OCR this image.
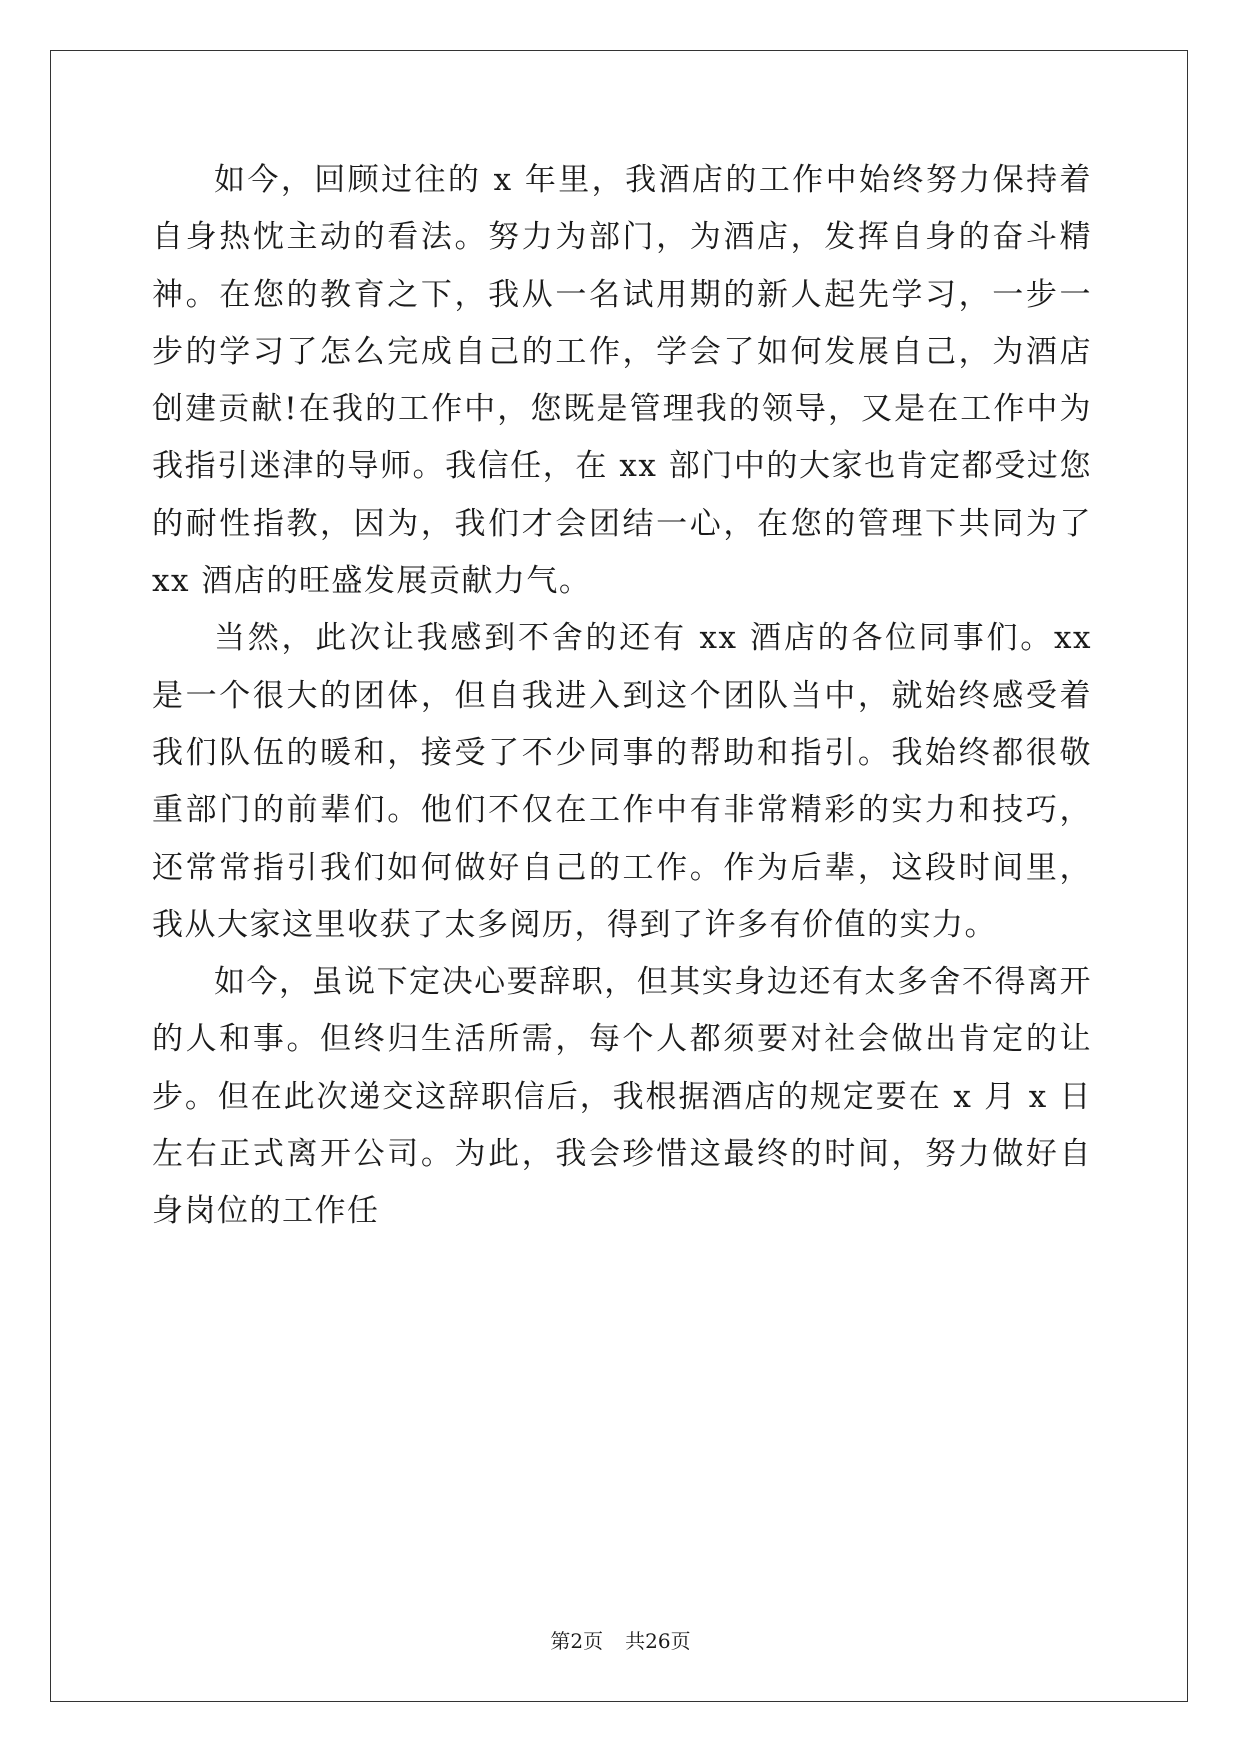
如今，回顾过往的 x 年里，我酒店的工作中始终努力保持着自身热忱主动的看法。努力为部门，为酒店，发挥自身的奋斗精神。在您的教育之下，我从一名试用期的新人起先学习，一步一步的学习了怎么完成自己的工作，学会了如何发展自己，为酒店创建贡献!在我的工作中，您既是管理我的领导，又是在工作中为我指引迷津的导师。我信任，在 xx 部门中的大家也肯定都受过您的耐性指教，因为，我们才会团结一心，在您的管理下共同为了 xx 酒店的旺盛发展贡献力气。

当然，此次让我感到不舍的还有 xx 酒店的各位同事们。xx 是一个很大的团体，但自我进入到这个团队当中，就始终感受着我们队伍的暖和，接受了不少同事的帮助和指引。我始终都很敬重部门的前辈们。他们不仅在工作中有非常精彩的实力和技巧，还常常指引我们如何做好自己的工作。作为后辈，这段时间里，我从大家这里收获了太多阅历，得到了许多有价值的实力。

如今，虽说下定决心要辞职，但其实身边还有太多舍不得离开的人和事。但终归生活所需，每个人都须要对社会做出肯定的让步。但在此次递交这辞职信后，我根据酒店的规定要在 x 月 x 日左右正式离开公司。为此，我会珍惜这最终的时间，努力做好自身岗位的工作任

第2页 共26页
